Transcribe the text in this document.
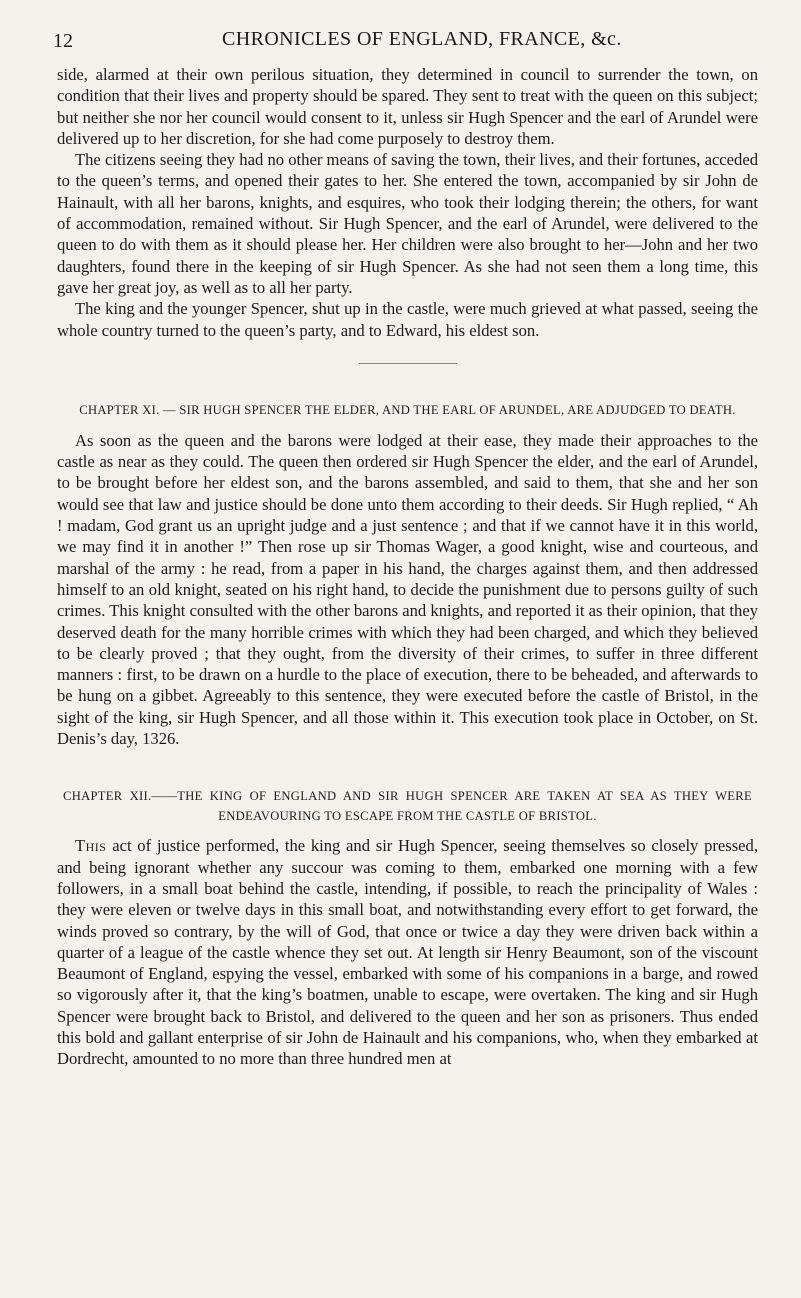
12	CHRONICLES OF ENGLAND, FRANCE, &c.

side, alarmed at their own perilous situation, they determined in council to surrender the town, on condition that their lives and property should be spared. They sent to treat with the queen on this subject; but neither she nor her council would consent to it, unless sir Hugh Spencer and the earl of Arundel were delivered up to her discretion, for she had come purposely to destroy them.

The citizens seeing they had no other means of saving the town, their lives, and their fortunes, acceded to the queen’s terms, and opened their gates to her. She entered the town, accompanied by sir John de Hainault, with all her barons, knights, and esquires, who took their lodging therein; the others, for want of accommodation, remained without. Sir Hugh Spencer, and the earl of Arundel, were delivered to the queen to do with them as it should please her. Her children were also brought to her—John and her two daughters, found there in the keeping of sir Hugh Spencer. As she had not seen them a long time, this gave her great joy, as well as to all her party.

The king and the younger Spencer, shut up in the castle, were much grieved at what passed, seeing the whole country turned to the queen’s party, and to Edward, his eldest son.

CHAPTER XI. — SIR HUGH SPENCER THE ELDER, AND THE EARL OF ARUNDEL, ARE ADJUDGED TO DEATH.

As soon as the queen and the barons were lodged at their ease, they made their approaches to the castle as near as they could. The queen then ordered sir Hugh Spencer the elder, and the earl of Arundel, to be brought before her eldest son, and the barons assembled, and said to them, that she and her son would see that law and justice should be done unto them according to their deeds. Sir Hugh replied, “ Ah ! madam, God grant us an upright judge and a just sentence ; and that if we cannot have it in this world, we may find it in another !” Then rose up sir Thomas Wager, a good knight, wise and courteous, and marshal of the army : he read, from a paper in his hand, the charges against them, and then addressed himself to an old knight, seated on his right hand, to decide the punishment due to persons guilty of such crimes. This knight consulted with the other barons and knights, and reported it as their opinion, that they deserved death for the many horrible crimes with which they had been charged, and which they believed to be clearly proved ; that they ought, from the diversity of their crimes, to suffer in three different manners : first, to be drawn on a hurdle to the place of execution, there to be beheaded, and afterwards to be hung on a gibbet. Agreeably to this sentence, they were executed before the castle of Bristol, in the sight of the king, sir Hugh Spencer, and all those within it. This execution took place in October, on St. Denis’s day, 1326.

CHAPTER XII.——THE KING OF ENGLAND AND SIR HUGH SPENCER ARE TAKEN AT SEA AS THEY WERE ENDEAVOURING TO ESCAPE FROM THE CASTLE OF BRISTOL.

This act of justice performed, the king and sir Hugh Spencer, seeing themselves so closely pressed, and being ignorant whether any succour was coming to them, embarked one morning with a few followers, in a small boat behind the castle, intending, if possible, to reach the principality of Wales : they were eleven or twelve days in this small boat, and notwithstanding every effort to get forward, the winds proved so contrary, by the will of God, that once or twice a day they were driven back within a quarter of a league of the castle whence they set out. At length sir Henry Beaumont, son of the viscount Beaumont of England, espying the vessel, embarked with some of his companions in a barge, and rowed so vigorously after it, that the king’s boatmen, unable to escape, were overtaken. The king and sir Hugh Spencer were brought back to Bristol, and delivered to the queen and her son as prisoners. Thus ended this bold and gallant enterprise of sir John de Hainault and his companions, who, when they embarked at Dordrecht, amounted to no more than three hundred men at
